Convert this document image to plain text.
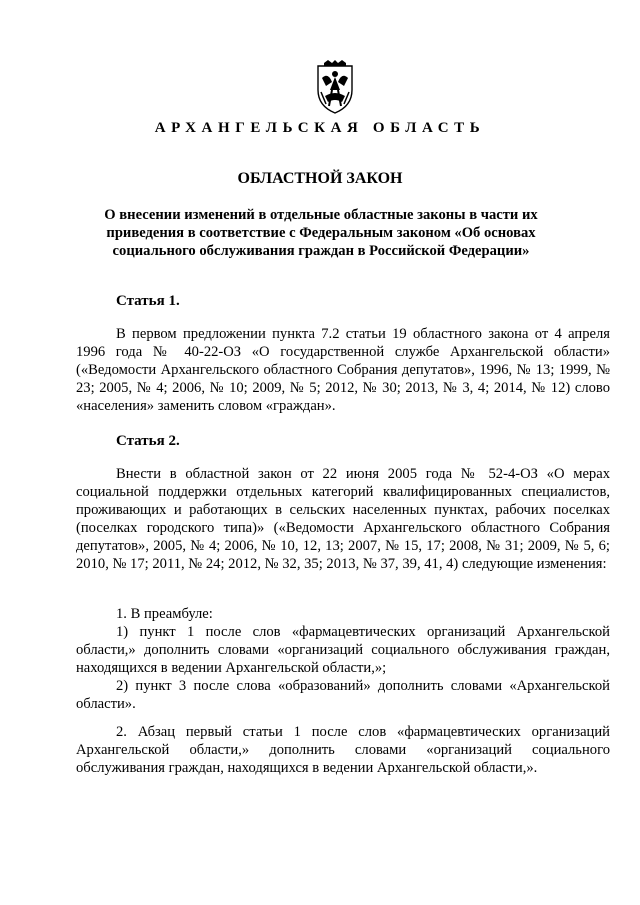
АРХАНГЕЛЬСКАЯ ОБЛАСТЬ
ОБЛАСТНОЙ ЗАКОН
О внесении изменений в отдельные областные законы в части их приведения в соответствие с Федеральным законом «Об основах социального обслуживания граждан в Российской Федерации»
Статья 1.

В первом предложении пункта 7.2 статьи 19 областного закона от 4 апреля 1996 года № 40-22-ОЗ «О государственной службе Архангельской области» («Ведомости Архангельского областного Собрания депутатов», 1996, № 13; 1999, № 23; 2005, № 4; 2006, № 10; 2009, № 5; 2012, № 30; 2013, № 3, 4; 2014, № 12) слово «населения» заменить словом «граждан».

Статья 2.

Внести в областной закон от 22 июня 2005 года № 52-4-ОЗ «О мерах социальной поддержки отдельных категорий квалифицированных специалистов, проживающих и работающих в сельских населенных пунктах, рабочих поселках (поселках городского типа)» («Ведомости Архангельского областного Собрания депутатов», 2005, № 4; 2006, № 10, 12, 13; 2007, № 15, 17; 2008, № 31; 2009, № 5, 6; 2010, № 17; 2011, № 24; 2012, № 32, 35; 2013, № 37, 39, 41, 4) следующие изменения:

1. В преамбуле:

1) пункт 1 после слов «фармацевтических организаций Архангельской области,» дополнить словами «организаций социального обслуживания граждан, находящихся в ведении Архангельской области,»;

2) пункт 3 после слова «образований» дополнить словами «Архангельской области».

2. Абзац первый статьи 1 после слов «фармацевтических организаций Архангельской области,» дополнить словами «организаций социального обслуживания граждан, находящихся в ведении Архангельской области,».
